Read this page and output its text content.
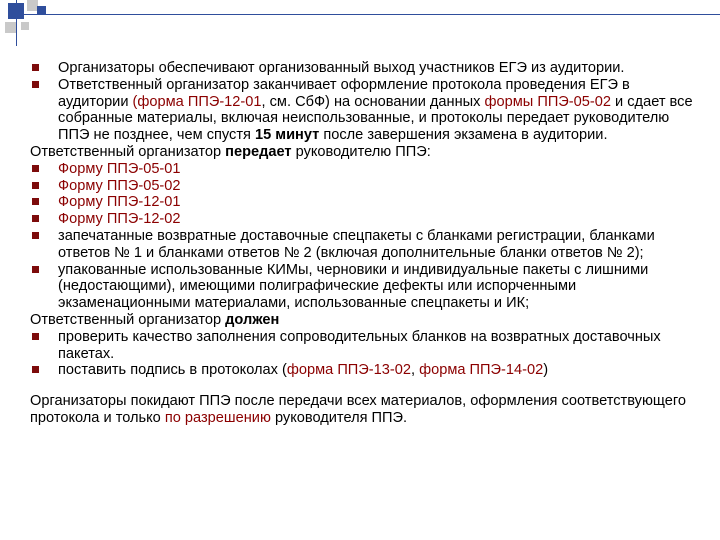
Организаторы обеспечивают организованный выход участников ЕГЭ из аудитории.
Ответственный организатор заканчивает оформление протокола проведения ЕГЭ в аудитории (форма ППЭ-12-01, см. СбФ) на основании данных формы ППЭ-05-02 и сдает все собранные материалы, включая неиспользованные, и протоколы передает руководителю ППЭ не позднее, чем спустя 15 минут после завершения экзамена в аудитории.
Ответственный организатор передает руководителю ППЭ:
Форму ППЭ-05-01
Форму ППЭ-05-02
Форму ППЭ-12-01
Форму ППЭ-12-02
запечатанные возвратные доставочные спецпакеты с бланками регистрации, бланками ответов № 1 и бланками ответов № 2 (включая дополнительные бланки ответов № 2);
упакованные использованные КИМы, черновики и индивидуальные пакеты с лишними (недостающими), имеющими полиграфические дефекты или испорченными экзаменационными материалами, использованные спецпакеты и ИК;
Ответственный организатор должен
проверить качество заполнения сопроводительных бланков на возвратных доставочных пакетах.
поставить подпись в протоколах (форма ППЭ-13-02, форма ППЭ-14-02)
Организаторы покидают ППЭ после передачи всех материалов, оформления соответствующего протокола и только по разрешению руководителя ППЭ.
